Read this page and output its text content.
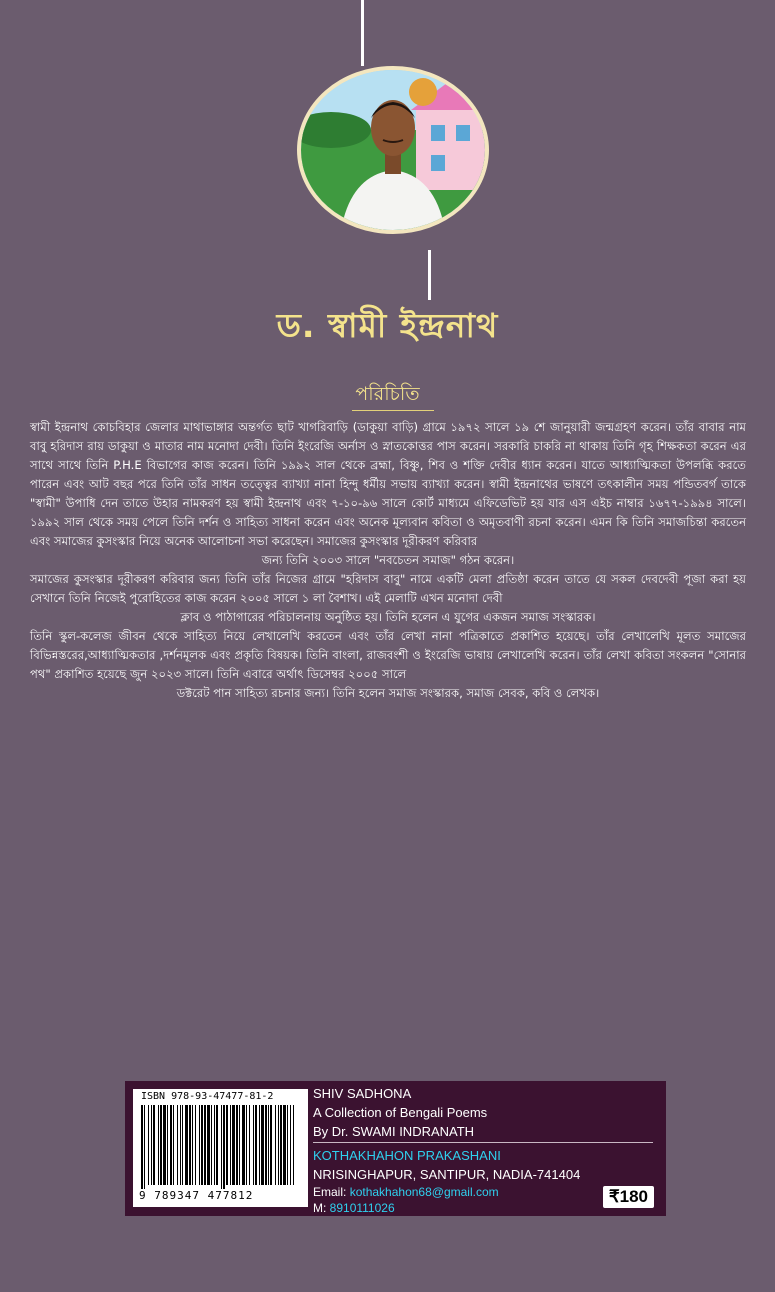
ড. স্বামী ইন্দ্রনাথ
পরিচিতি

স্বামী ইন্দ্রনাথ কোচবিহার জেলার মাথাভাঙ্গার অন্তর্গত ছাট খাগরিবাড়ি (ডাকুয়া বাড়ি) গ্রামে ১৯৭২ সালে ১৯ শে জানুয়ারী জন্মগ্রহণ করেন। তাঁর বাবার নাম বাবু হরিদাস রায় ডাকুয়া ও মাতার নাম মনোদা দেবী। তিনি ইংরেজি অর্নাস ও স্নাতকোত্তর পাস করেন। সরকারি চাকরি না থাকায় তিনি গৃহ শিক্ষকতা করেন এর সাথে সাথে তিনি P.H.E বিভাগের কাজ করেন। তিনি ১৯৯২ সাল থেকে ব্রহ্মা, বিষ্ণু, শিব ও শক্তি দেবীর ধ্যান করেন। যাতে আধ্যাত্মিকতা উপলব্ধি করতে পারেন এবং আট বছর পরে তিনি তাঁর সাধন তত্ত্বের ব্যাখ্যা নানা হিন্দু ধর্মীয় সভায় ব্যাখ্যা করেন। স্বামী ইন্দ্রনাথের ভাষণে তৎকালীন সময় পন্ডিতবর্গ তাকে "স্বামী" উপাধি দেন তাতে উহার নামকরণ হয় স্বামী ইন্দ্রনাথ এবং ৭-১০-৯৬ সালে কোর্ট মাধ্যমে এফিডেভিট হয় যার এস এইচ নাম্বার ১৬৭৭-১৯৯৪ সালে। ১৯৯২ সাল থেকে সময় পেলে তিনি দর্শন ও সাহিত্য সাধনা করেন এবং অনেক মূল্যবান কবিতা ও অমৃতবাণী রচনা করেন। এমন কি তিনি সমাজচিন্তা করতেন এবং সমাজের কুসংস্কার নিয়ে অনেক আলোচনা সভা করেছেন। সমাজের কুসংস্কার দূরীকরণ করিবার

জন্য তিনি ২০০৩ সালে "নবচেতন সমাজ" গঠন করেন।

সমাজের কুসংস্কার দূরীকরণ করিবার জন্য তিনি তাঁর নিজের গ্রামে "হরিদাস বাবু" নামে একটি মেলা প্রতিষ্ঠা করেন তাতে যে সকল দেবদেবী পূজা করা হয় সেখানে তিনি নিজেই পুরোহিতের কাজ করেন ২০০৫ সালে ১ লা বৈশাখ। এই মেলাটি এখন মনোদা দেবী

ক্লাব ও পাঠাগারের পরিচালনায় অনুষ্ঠিত হয়। তিনি হলেন এ যুগের একজন সমাজ সংস্কারক।

তিনি স্কুল-কলেজ জীবন থেকে সাহিত্য নিয়ে লেখালেখি করতেন এবং তাঁর লেখা নানা পত্রিকাতে প্রকাশিত হয়েছে। তাঁর লেখালেখি মূলত সমাজের বিভিন্নস্তরের,আধ্যাত্মিকতার ,দর্শনমূলক এবং প্রকৃতি বিষয়ক। তিনি বাংলা, রাজবংশী ও ইংরেজি ভাষায় লেখালেখি করেন। তাঁর লেখা কবিতা সংকলন "সোনার পথ" প্রকাশিত হয়েছে জুন ২০২৩ সালে। তিনি এবারে অর্থাৎ ডিসেম্বর ২০০৫ সালে

ডক্টরেট পান সাহিত্য রচনার জন্য। তিনি হলেন সমাজ সংস্কারক, সমাজ সেবক, কবি ও লেখক।

ISBN 978-93-47477-81-2
9 789347 477812
SHIV SADHONA
A Collection of Bengali Poems
By Dr. SWAMI INDRANATH
KOTHAKHAHON PRAKASHANI
NRISINGHAPUR, SANTIPUR, NADIA-741404
Email: kothakhahon68@gmail.com
M: 8910111026
₹180
